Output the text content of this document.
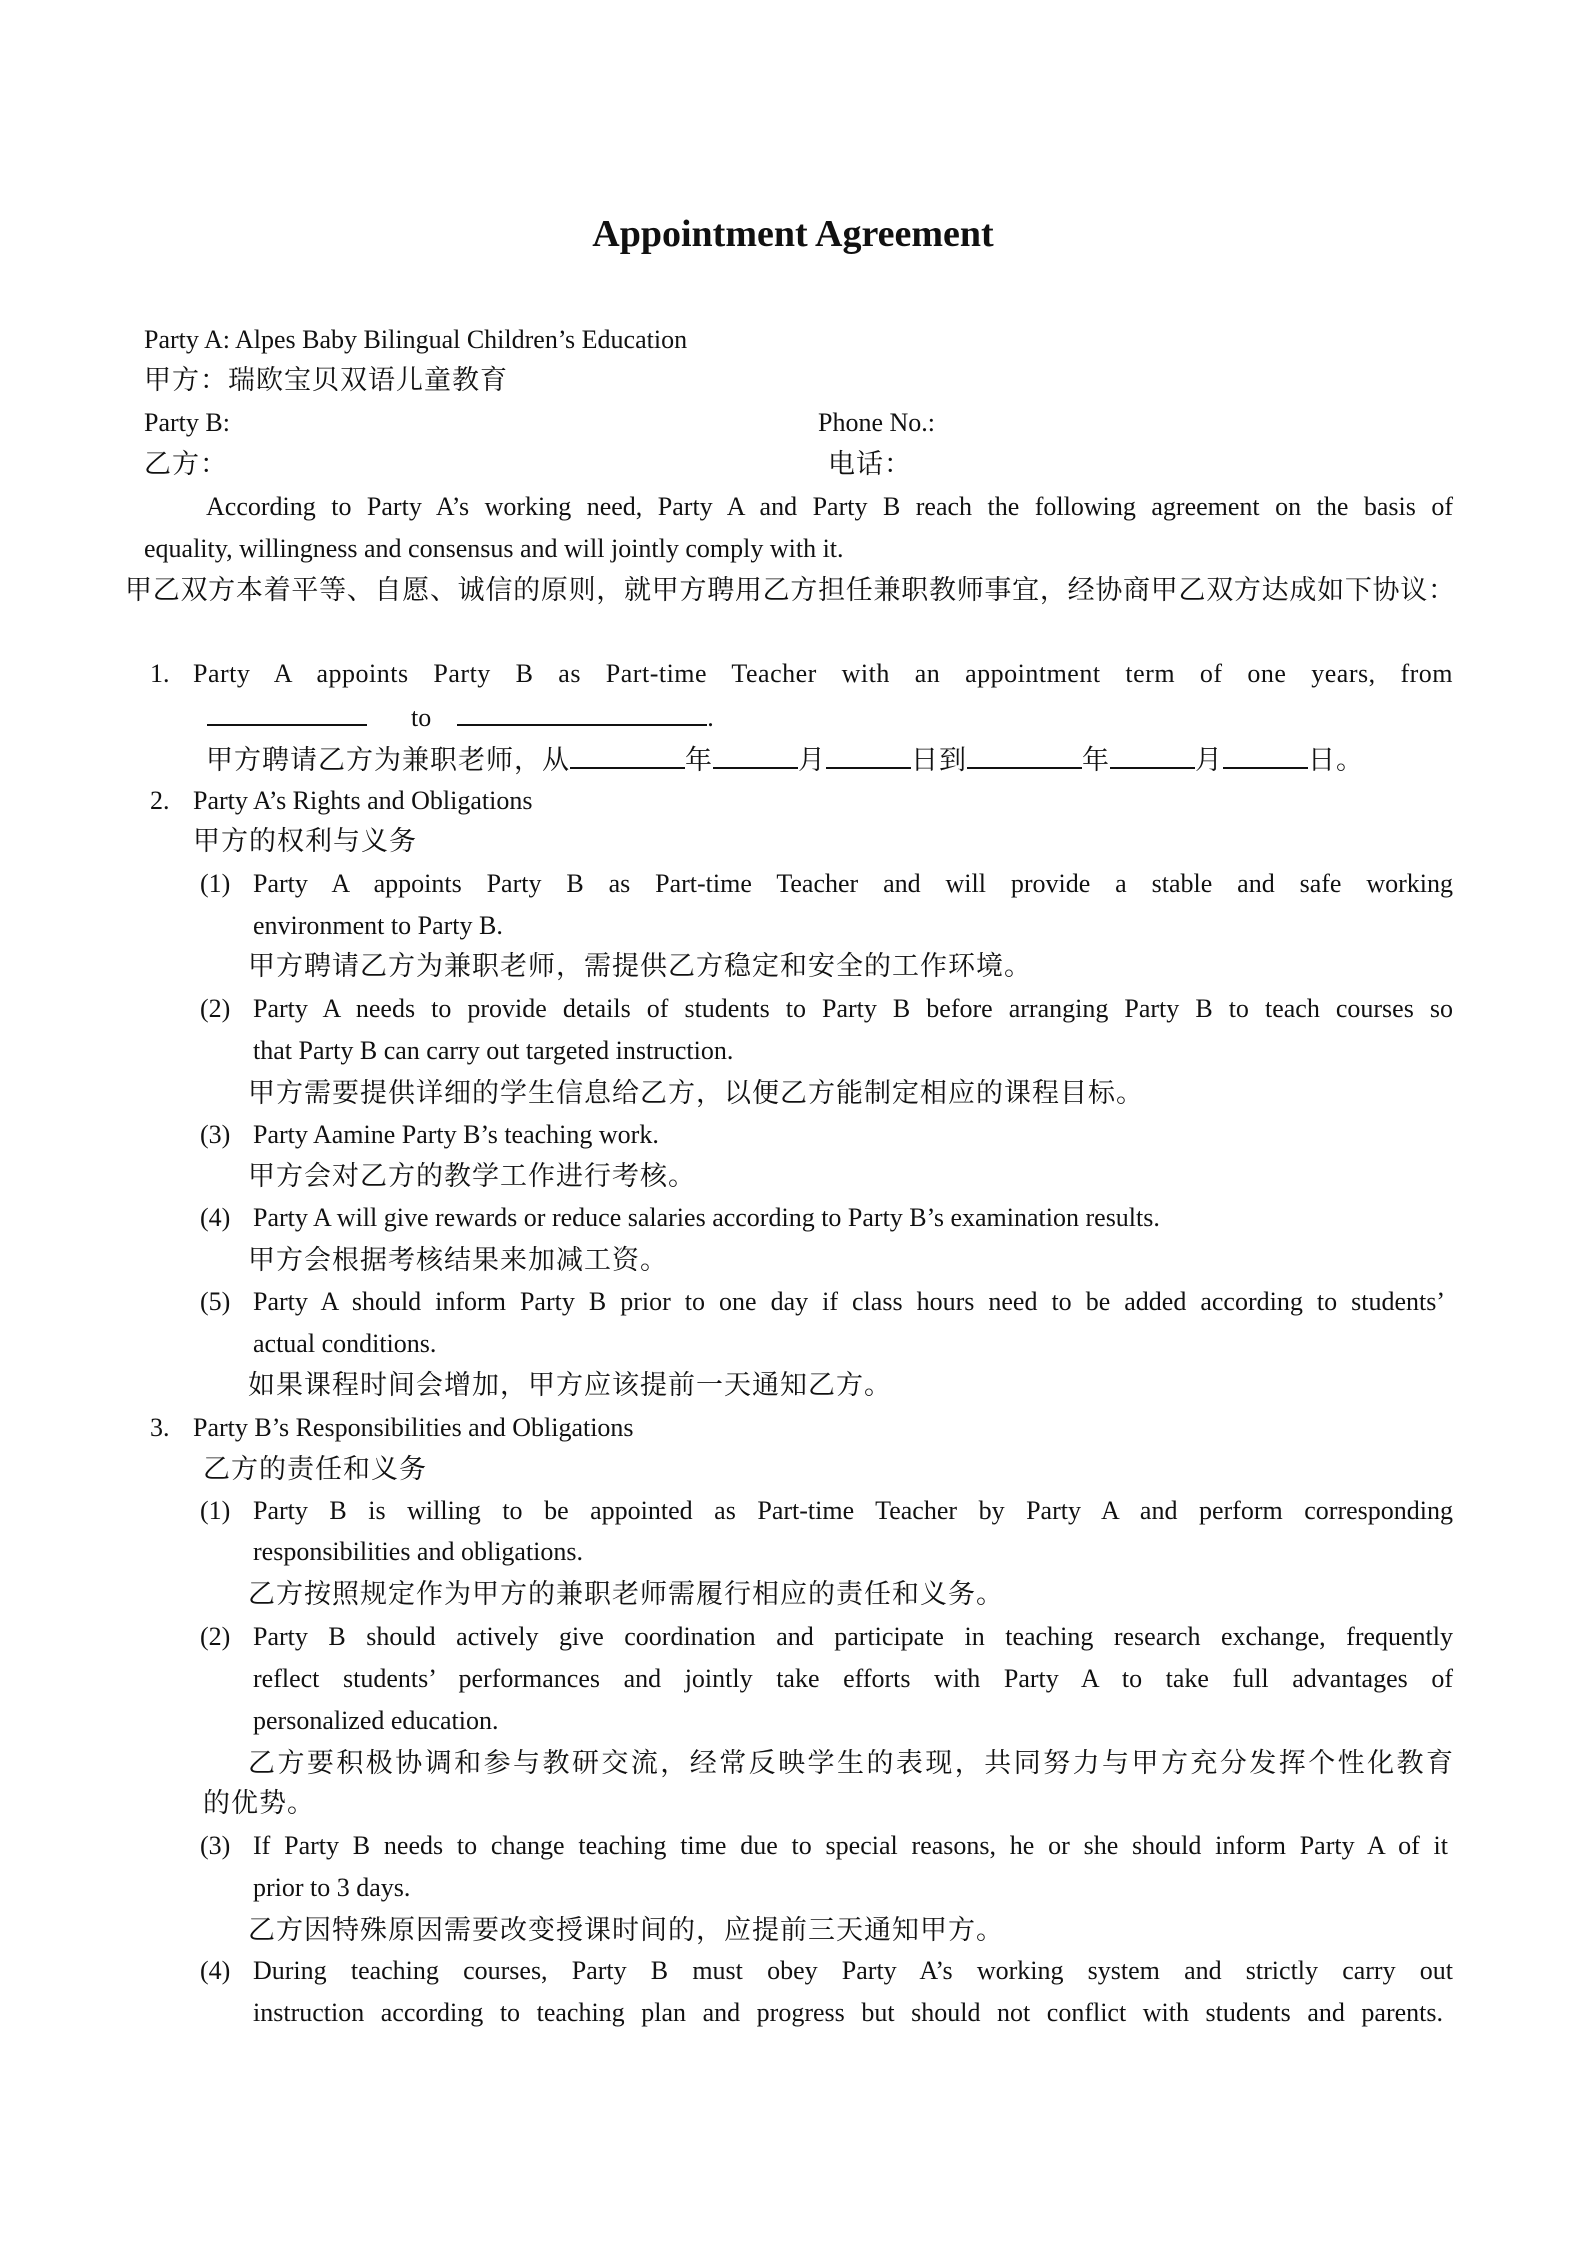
Appointment Agreement
Party A: Alpes Baby Bilingual Children’s Education
甲方：瑞欧宝贝双语儿童教育
Party B:	Phone No.:
乙方：	电话：
According to Party A’s working need, Party A and Party B reach the following agreement on the basis of
equality, willingness and consensus and will jointly comply with it.
甲乙双方本着平等、自愿、诚信的原则，就甲方聘用乙方担任兼职教师事宜，经协商甲乙双方达成如下协议：
1. Party A appoints Party B as Part-time Teacher with an appointment term of one years, from
to	.
甲方聘请乙方为兼职老师，从	年	月	日到	年	月	日。
2. Party A’s Rights and Obligations
甲方的权利与义务
(1) Party A appoints Party B as Part-time Teacher and will provide a stable and safe working
environment to Party B.
甲方聘请乙方为兼职老师，需提供乙方稳定和安全的工作环境。
(2) Party A needs to provide details of students to Party B before arranging Party B to teach courses so
that Party B can carry out targeted instruction.
甲方需要提供详细的学生信息给乙方，以便乙方能制定相应的课程目标。
(3) Party Aamine Party B’s teaching work.
甲方会对乙方的教学工作进行考核。
(4) Party A will give rewards or reduce salaries according to Party B’s examination results.
甲方会根据考核结果来加减工资。
(5) Party A should inform Party B prior to one day if class hours need to be added according to students’
actual conditions.
如果课程时间会增加，甲方应该提前一天通知乙方。
3. Party B’s Responsibilities and Obligations
乙方的责任和义务
(1) Party B is willing to be appointed as Part-time Teacher by Party A and perform corresponding
responsibilities and obligations.
乙方按照规定作为甲方的兼职老师需履行相应的责任和义务。
(2) Party B should actively give coordination and participate in teaching research exchange, frequently
reflect students’ performances and jointly take efforts with Party A to take full advantages of
personalized education.
乙方要积极协调和参与教研交流，经常反映学生的表现，共同努力与甲方充分发挥个性化教育
的优势。
(3) If Party B needs to change teaching time due to special reasons, he or she should inform Party A of it
prior to 3 days.
乙方因特殊原因需要改变授课时间的，应提前三天通知甲方。
(4) During teaching courses, Party B must obey Party A’s working system and strictly carry out
instruction according to teaching plan and progress but should not conflict with students and parents.
